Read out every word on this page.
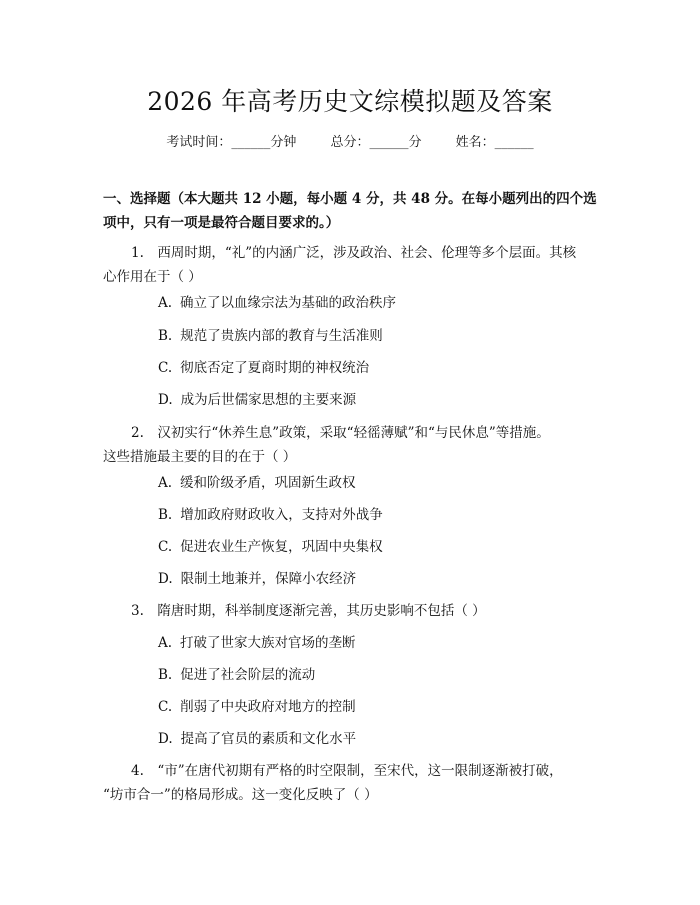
2026 年高考历史文综模拟题及答案
考试时间：______分钟	总分：______分	姓名：______
一、选择题（本大题共 12 小题，每小题 4 分，共 48 分。在每小题列出的四个选项中，只有一项是最符合题目要求的。）
1.　西周时期，“礼”的内涵广泛，涉及政治、社会、伦理等多个层面。其核
心作用在于（ ）
A. 确立了以血缘宗法为基础的政治秩序
B. 规范了贵族内部的教育与生活准则
C. 彻底否定了夏商时期的神权统治
D. 成为后世儒家思想的主要来源
2.　汉初实行“休养生息”政策，采取“轻徭薄赋”和“与民休息”等措施。
这些措施最主要的目的在于（ ）
A. 缓和阶级矛盾，巩固新生政权
B. 增加政府财政收入，支持对外战争
C. 促进农业生产恢复，巩固中央集权
D. 限制土地兼并，保障小农经济
3.　隋唐时期，科举制度逐渐完善，其历史影响不包括（ ）
A. 打破了世家大族对官场的垄断
B. 促进了社会阶层的流动
C. 削弱了中央政府对地方的控制
D. 提高了官员的素质和文化水平
4.　“市”在唐代初期有严格的时空限制，至宋代，这一限制逐渐被打破，
“坊市合一”的格局形成。这一变化反映了（ ）
